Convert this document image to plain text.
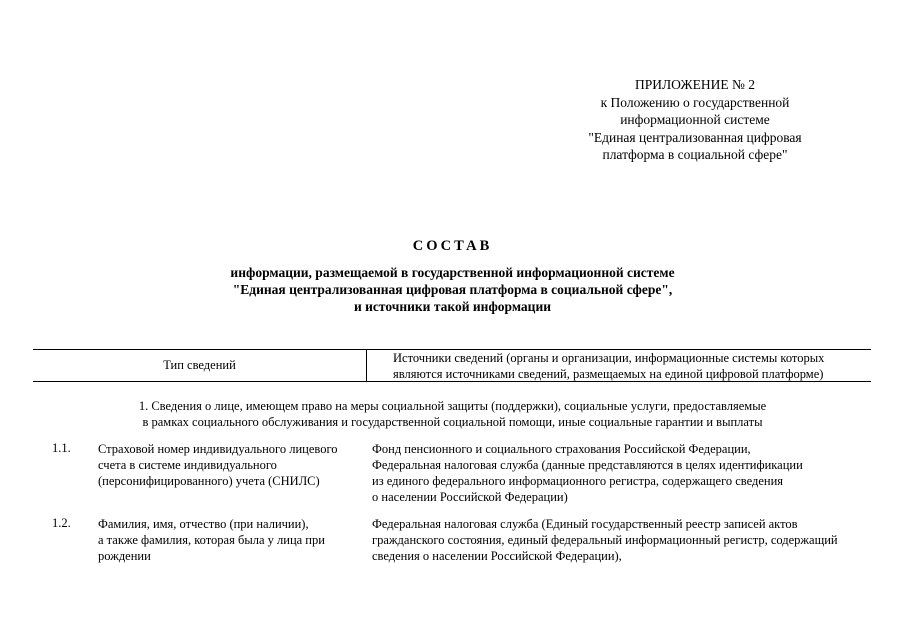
ПРИЛОЖЕНИЕ № 2
к Положению о государственной
информационной системе
"Единая централизованная цифровая
платформа в социальной сфере"
СОСТАВ
информации, размещаемой в государственной информационной системе
"Единая централизованная цифровая платформа в социальной сфере",
и источники такой информации
Тип сведений	Источники сведений (органы и организации, информационные системы которых
являются источниками сведений, размещаемых на единой цифровой платформе)
1. Сведения о лице, имеющем право на меры социальной защиты (поддержки), социальные услуги, предоставляемые
в рамках социального обслуживания и государственной социальной помощи, иные социальные гарантии и выплаты
1.1. Страховой номер индивидуального лицевого
счета в системе индивидуального
(персонифицированного) учета (СНИЛС)
Фонд пенсионного и социального страхования Российской Федерации,
Федеральная налоговая служба (данные представляются в целях идентификации
из единого федерального информационного регистра, содержащего сведения
о населении Российской Федерации)
1.2. Фамилия, имя, отчество (при наличии),
а также фамилия, которая была у лица при
рождении
Федеральная налоговая служба (Единый государственный реестр записей актов
гражданского состояния, единый федеральный информационный регистр, содержащий
сведения о населении Российской Федерации),
